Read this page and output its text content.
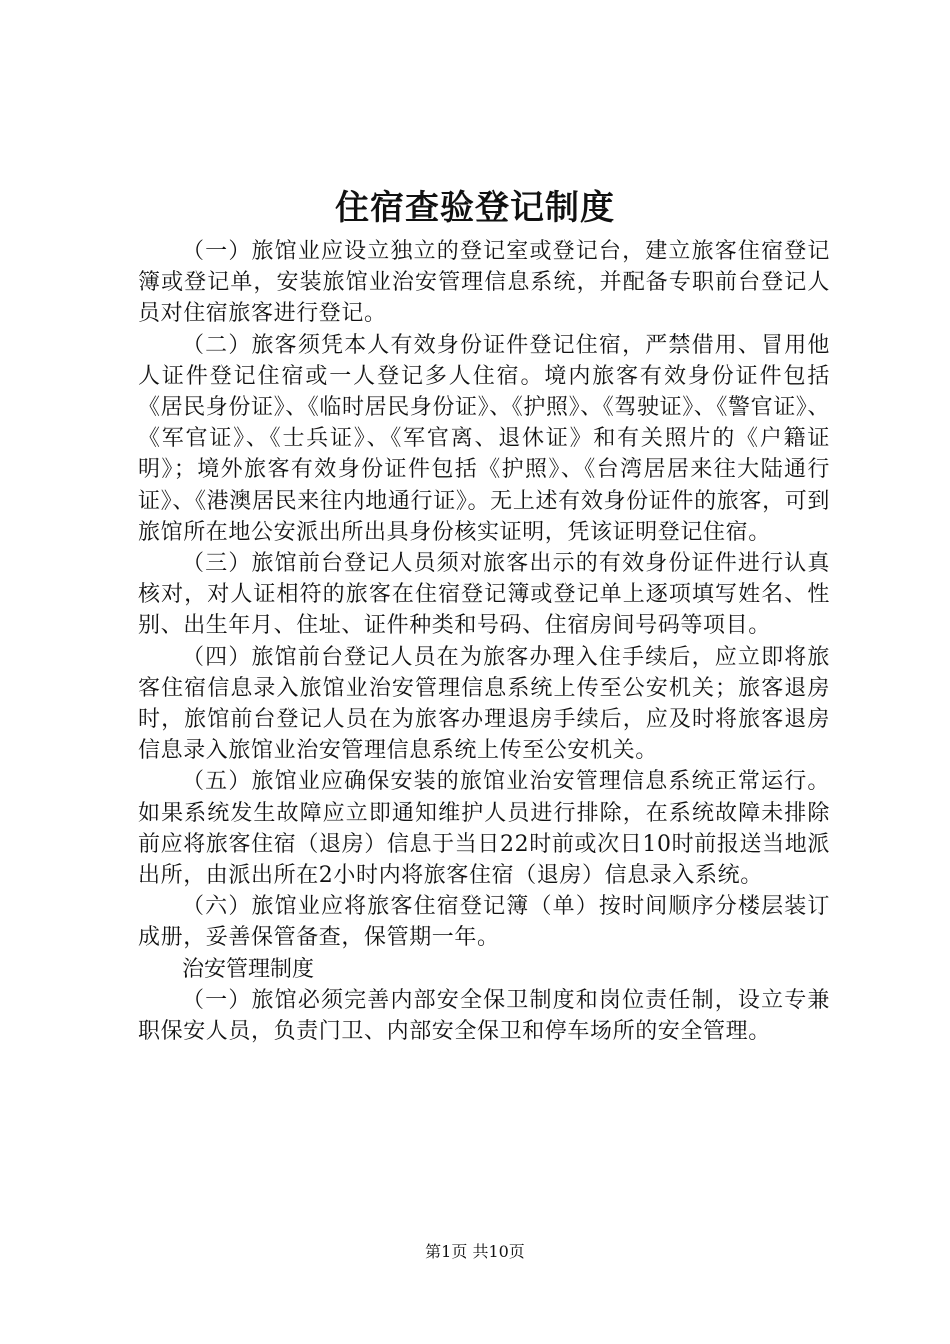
住宿查验登记制度

（一）旅馆业应设立独立的登记室或登记台，建立旅客住宿登记簿或登记单，安装旅馆业治安管理信息系统，并配备专职前台登记人员对住宿旅客进行登记。

（二）旅客须凭本人有效身份证件登记住宿，严禁借用、冒用他人证件登记住宿或一人登记多人住宿。境内旅客有效身份证件包括《居民身份证》、《临时居民身份证》、《护照》、《驾驶证》、《警官证》、《军官证》、《士兵证》、《军官离、退休证》和有关照片的《户籍证明》；境外旅客有效身份证件包括《护照》、《台湾居居来往大陆通行证》、《港澳居民来往内地通行证》。无上述有效身份证件的旅客，可到旅馆所在地公安派出所出具身份核实证明，凭该证明登记住宿。

（三）旅馆前台登记人员须对旅客出示的有效身份证件进行认真核对，对人证相符的旅客在住宿登记簿或登记单上逐项填写姓名、性别、出生年月、住址、证件种类和号码、住宿房间号码等项目。

（四）旅馆前台登记人员在为旅客办理入住手续后，应立即将旅客住宿信息录入旅馆业治安管理信息系统上传至公安机关；旅客退房时，旅馆前台登记人员在为旅客办理退房手续后，应及时将旅客退房信息录入旅馆业治安管理信息系统上传至公安机关。

（五）旅馆业应确保安装的旅馆业治安管理信息系统正常运行。如果系统发生故障应立即通知维护人员进行排除，在系统故障未排除前应将旅客住宿（退房）信息于当日22时前或次日10时前报送当地派出所，由派出所在2小时内将旅客住宿（退房）信息录入系统。

（六）旅馆业应将旅客住宿登记簿（单）按时间顺序分楼层装订成册，妥善保管备查，保管期一年。

治安管理制度

（一）旅馆必须完善内部安全保卫制度和岗位责任制，设立专兼职保安人员，负责门卫、内部安全保卫和停车场所的安全管理。

第1页 共10页
